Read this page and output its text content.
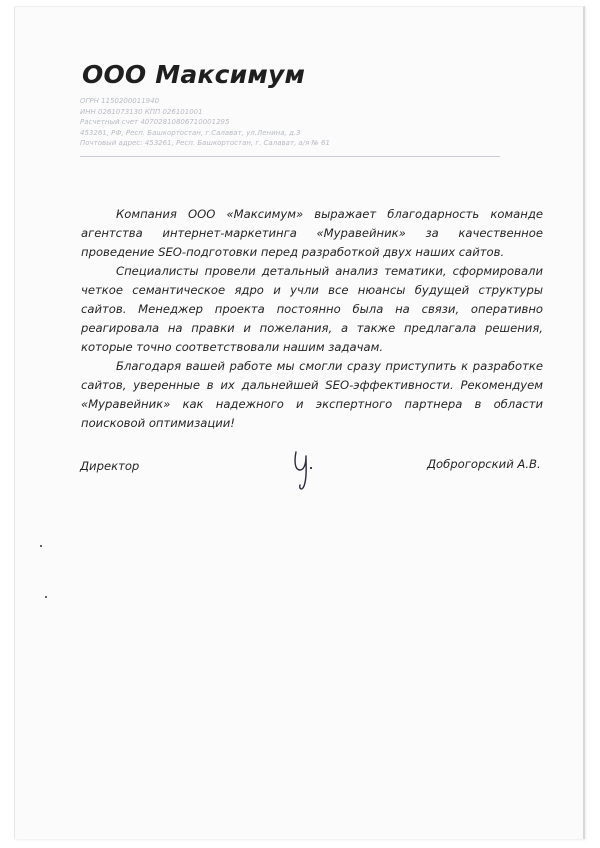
ООО Максимум
ОГРН 1150200011940
ИНН 0261073130 КПП 026101001
Расчетный счет 40702810806710001295
453261, РФ, Респ. Башкортостан, г.Салават, ул.Ленина, д.3
Почтовый адрес: 453261, Респ. Башкортостан, г. Салават, а/я № 61

Компания ООО «Максимум» выражает благодарность команде агентства интернет-маркетинга «Муравейник» за качественное проведение SEO-подготовки перед разработкой двух наших сайтов.

Специалисты провели детальный анализ тематики, сформировали четкое семантическое ядро и учли все нюансы будущей структуры сайтов. Менеджер проекта постоянно была на связи, оперативно реагировала на правки и пожелания, а также предлагала решения, которые точно соответствовали нашим задачам.

Благодаря вашей работе мы смогли сразу приступить к разработке сайтов, уверенные в их дальнейшей SEO-эффективности. Рекомендуем «Муравейник» как надежного и экспертного партнера в области поисковой оптимизации!

Директор	Доброгорский А.В.
